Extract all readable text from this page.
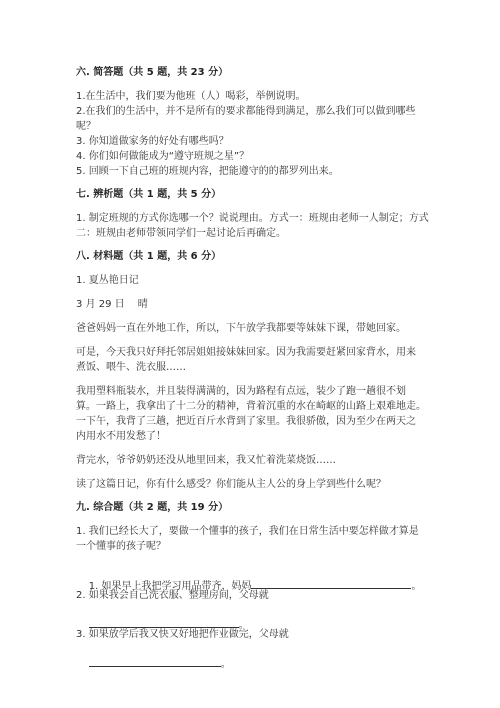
六. 简答题（共 5 题，共 23 分）
1.在生活中，我们要为他班（人）喝彩，举例说明。
2.在我们的生活中，并不是所有的要求都能得到满足，那么我们可以做到哪些
呢？
3. 你知道做家务的好处有哪些吗？
4. 你们如何做能成为“遵守班规之星”？
5. 回顾一下自己班的班规内容，把能遵守的的都罗列出来。
七. 辨析题（共 1 题，共 5 分）
1. 制定班规的方式你选哪一个？说说理由。方式一：班规由老师一人制定；方式
二：班规由老师带领同学们一起讨论后再确定。
八. 材料题（共 1 题，共 6 分）
1. 夏丛艳日记
3 月 29 日　 晴
爸爸妈妈一直在外地工作，所以，下午放学我都要等妹妹下课，带她回家。
可是，今天我只好拜托邻居姐姐接妹妹回家。因为我需要赶紧回家背水，用来
煮饭、喂牛、洗衣服……
我用塑料瓶装水，并且装得满满的，因为路程有点远，装少了跑一趟很不划
算。一路上，我拿出了十二分的精神，背着沉重的水在崎岖的山路上艰难地走。
一下午，我背了三趟，把近百斤水背到了家里。我很骄傲，因为至少在两天之
内用水不用发愁了！
背完水，爷爷奶奶还没从地里回来，我又忙着洗菜烧饭……
读了这篇日记，你有什么感受？你们能从主人公的身上学到些什么呢？
九. 综合题（共 2 题，共 19 分）
1. 我们已经长大了，要做一个懂事的孩子，我们在日常生活中要怎样做才算是
一个懂事的孩子呢？

1. 如果早上我把学习用品带齐，妈妈	。

2. 如果我会自己洗衣服、整理房间，父母就

。

3. 如果放学后我又快又好地把作业做完，父母就

。
